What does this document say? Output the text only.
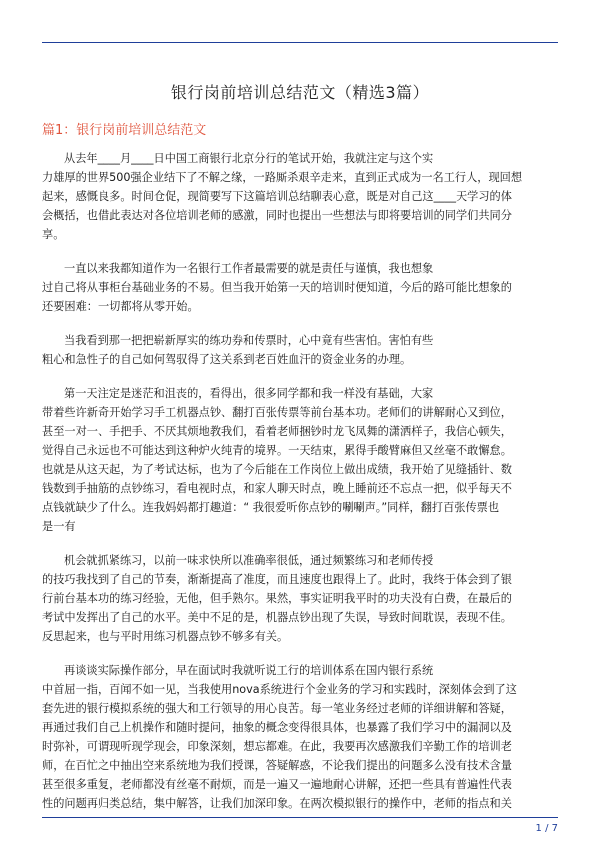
银行岗前培训总结范文（精选3篇）
篇1：银行岗前培训总结范文

从去年____月____日中国工商银行北京分行的笔试开始，我就注定与这个实
力雄厚的世界500强企业结下了不解之缘，一路厮杀艰辛走来，直到正式成为一名工行人，现回想
起来，感慨良多。时间仓促，现简要写下这篇培训总结聊表心意，既是对自己这____天学习的体
会概括，也借此表达对各位培训老师的感激，同时也提出一些想法与即将要培训的同学们共同分
享。

一直以来我都知道作为一名银行工作者最需要的就是责任与谨慎，我也想象
过自己将从事柜台基础业务的不易。但当我开始第一天的培训时便知道，今后的路可能比想象的
还要困难：一切都将从零开始。

当我看到那一把把崭新厚实的练功券和传票时，心中竟有些害怕。害怕有些
粗心和急性子的自己如何驾驭得了这关系到老百姓血汗的资金业务的办理。

第一天注定是迷茫和沮丧的，看得出，很多同学都和我一样没有基础，大家
带着些许新奇开始学习手工机器点钞、翻打百张传票等前台基本功。老师们的讲解耐心又到位，
甚至一对一、手把手、不厌其烦地教我们，看着老师捆钞时龙飞凤舞的潇洒样子，我信心顿失，
觉得自己永远也不可能达到这种炉火纯青的境界。一天结束，累得手酸臂麻但又丝毫不敢懈怠。
也就是从这天起，为了考试达标，也为了今后能在工作岗位上做出成绩，我开始了见缝插针、数
钱数到手抽筋的点钞练习，看电视时点，和家人聊天时点，晚上睡前还不忘点一把，似乎每天不
点钱就缺少了什么。连我妈妈都打趣道：“ 我很爱听你点钞的唰唰声。”同样，翻打百张传票也
是一有

机会就抓紧练习，以前一味求快所以准确率很低，通过频繁练习和老师传授
的技巧我找到了自己的节奏，渐渐提高了准度，而且速度也跟得上了。此时，我终于体会到了银
行前台基本功的练习经验，无他，但手熟尔。果然，事实证明我平时的功夫没有白费，在最后的
考试中发挥出了自己的水平。美中不足的是，机器点钞出现了失误，导致时间耽误，表现不佳。
反思起来，也与平时用练习机器点钞不够多有关。

再谈谈实际操作部分，早在面试时我就听说工行的培训体系在国内银行系统
中首屈一指，百闻不如一见，当我使用nova系统进行个金业务的学习和实践时，深刻体会到了这
套先进的银行模拟系统的强大和工行领导的用心良苦。每一笔业务经过老师的详细讲解和答疑，
再通过我们自己上机操作和随时提问，抽象的概念变得很具体，也暴露了我们学习中的漏洞以及
时弥补，可谓现听现学现会，印象深刻，想忘都难。在此，我要再次感激我们辛勤工作的培训老
师，在百忙之中抽出空来系统地为我们授课，答疑解惑，不论我们提出的问题多么没有技术含量
甚至很多重复，老师都没有丝毫不耐烦，而是一遍又一遍地耐心讲解，还把一些具有普遍性代表
性的问题再归类总结，集中解答，让我们加深印象。在两次模拟银行的操作中，老师的指点和关

1 / 7
